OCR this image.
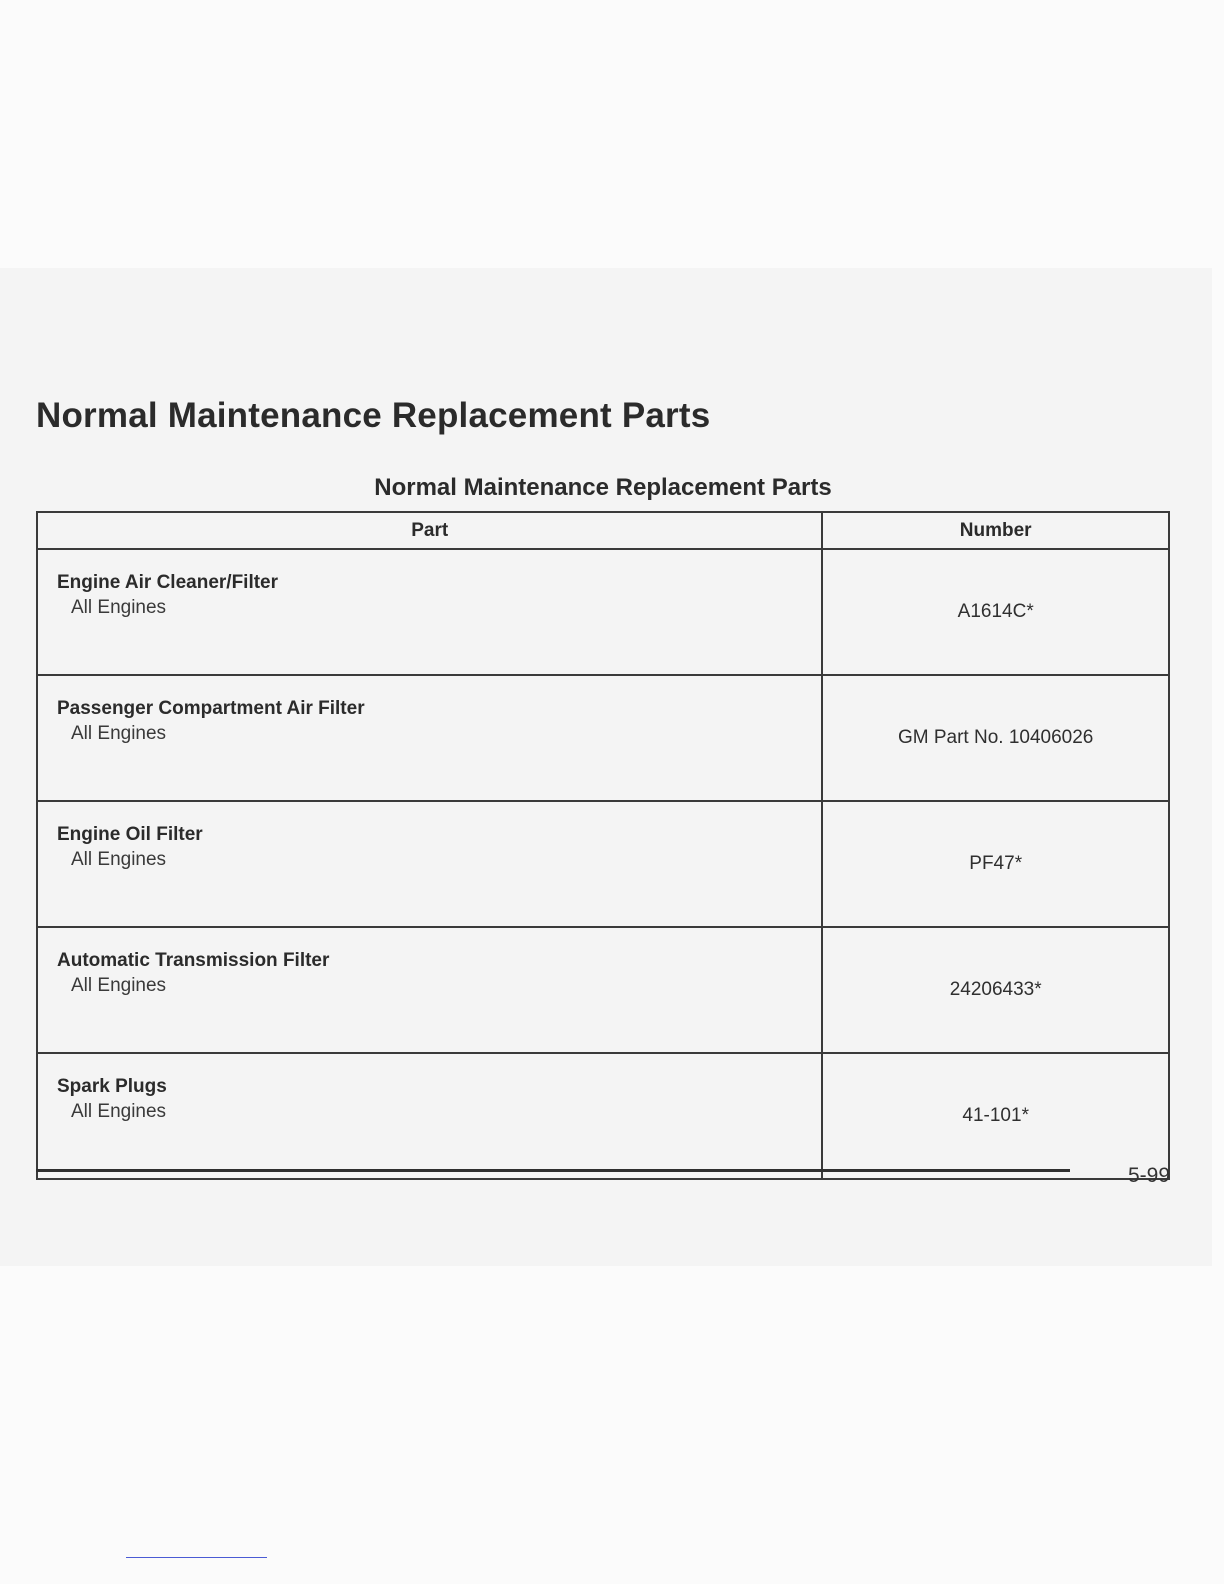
Normal Maintenance Replacement Parts
Normal Maintenance Replacement Parts
Part	Number

Engine Air Cleaner/Filter
All Engines	A1614C*

Passenger Compartment Air Filter
All Engines	GM Part No. 10406026

Engine Oil Filter
All Engines	PF47*

Automatic Transmission Filter
All Engines	24206433*

Spark Plugs
All Engines	41-101*
5-99
